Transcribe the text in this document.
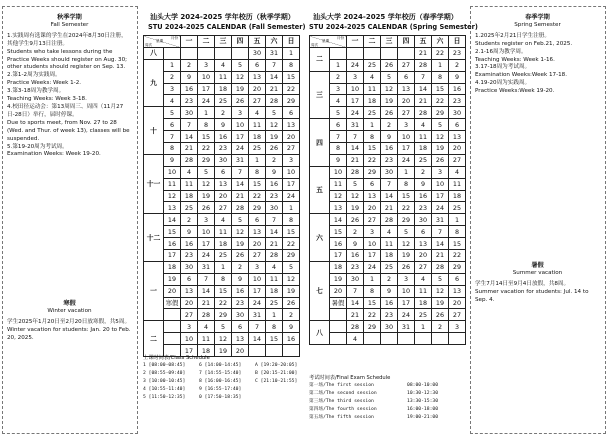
秋季学期

Fall Semester

1.实践周有选课的学生在2024年8月30日注册，其他学生9月13日注册。

Students who take lessons during the Practice Weeks should register on Aug. 30; other students should register on Sep. 13.

2.第1-2周为实践周。

Practice Weeks: Week 1-2.

3.第3-18周为教学周。

Teaching Weeks: Week 3-18.

4.校田径运动会：第13周周三、周四（11月27日-28日）举行，届时停课。

Due to sports meet, from Nov. 27 to 28 (Wed. and Thur. of week 13), classes will be suspended.

5.第19-20周为考试周。

Examination Weeks: Week 19-20.

寒假

Winter vacation

学生2025年1月20日至2月20日放寒假，共5周。

Winter vacation for students: Jan. 20 to Feb. 20, 2025.

春季学期

Spring Semester

1.2025年2月21日学生注册。

Students register on Feb.21, 2025.

2.1-16周为教学周。

Teaching Weeks: Week 1-16.

3.17-18周为考试周。

Examination Weeks:Week 17-18.

4.19-20周为实践周。

Practice Weeks:Week 19-20.

暑假

Summer vacation

学生7月14日至9月4日放假，共8周。

Summer vacation for students: Jul. 14 to Sep. 4.

汕头大学 2024-2025 学年校历（秋季学期）
STU 2024-2025 CALENDAR (Fall Semester)
汕头大学 2024-2025 学年校历（春季学期）
STU 2024-2025 CALENDAR (Spring Semester)
月份
星期
周次		一	二	三	四	五	六	日
八						30	31	1
九	1	2	3	4	5	6	7	8
	2	9	10	11	12	13	14	15
	3	16	17	18	19	20	21	22
	4	23	24	25	26	27	28	29
十	5	30	1	2	3	4	5	6
	6	7	8	9	10	11	12	13
	7	14	15	16	17	18	19	20
	8	21	22	23	24	25	26	27
十一	9	28	29	30	31	1	2	3
	10	4	5	6	7	8	9	10
	11	11	12	13	14	15	16	17
	12	18	19	20	21	22	23	24
	13	25	26	27	28	29	30	1
十二	14	2	3	4	5	6	7	8
	15	9	10	11	12	13	14	15
	16	16	17	18	19	20	21	22
	17	23	24	25	26	27	28	29
一	18	30	31	1	2	3	4	5
	19	6	7	8	9	10	11	12
	20	13	14	15	16	17	18	19
	寒假	20	21	22	23	24	25	26
		27	28	29	30	31	1	2
二		3	4	5	6	7	8	9
		10	11	12	13	14	15	16
		17	18	19	20			
月份
星期
周次		一	二	三	四	五	六	日
二						21	22	23
	1	24	25	26	27	28	1	2
三	2	3	4	5	6	7	8	9
	3	10	11	12	13	14	15	16
	4	17	18	19	20	21	22	23
	5	24	25	26	27	28	29	30
四	6	31	1	2	3	4	5	6
	7	7	8	9	10	11	12	13
	8	14	15	16	17	18	19	20
	9	21	22	23	24	25	26	27
五	10	28	29	30	1	2	3	4
	11	5	6	7	8	9	10	11
	12	12	13	14	15	16	17	18
	13	19	20	21	22	23	24	25
六	14	26	27	28	29	30	31	1
	15	2	3	4	5	6	7	8
	16	9	10	11	12	13	14	15
	17	16	17	18	19	20	21	22
七	18	23	24	25	26	27	28	29
	19	30	1	2	3	4	5	6
	20	7	8	9	10	11	12	13
	暑假	14	15	16	17	18	19	20
		21	22	23	24	25	26	27
八		28	29	30	31	1	2	3
		4						
上课时间表/Class Schedule
1 [08:00-08:45]	6 [14:00-14:45]	A [19:20-20:05]
2 [08:55-09:40]	7 [14:55-15:40]	B [20:15-21:00]
3 [10:00-10:45]	8 [16:00-16:45]	C [21:10-21:55]
4 [10:55-11:40]	9 [16:55-17:40]
5 [11:50-12:35]	0 [17:50-18:35]
考试时间表/Final Exam Schedule
第一场/The first session	08:00-10:00
第二场/The second session	10:30-12:30
第三场/The third session	13:30-15:30
第四场/The fourth session	16:00-18:00
第五场/The fifth session	19:00-21:00
